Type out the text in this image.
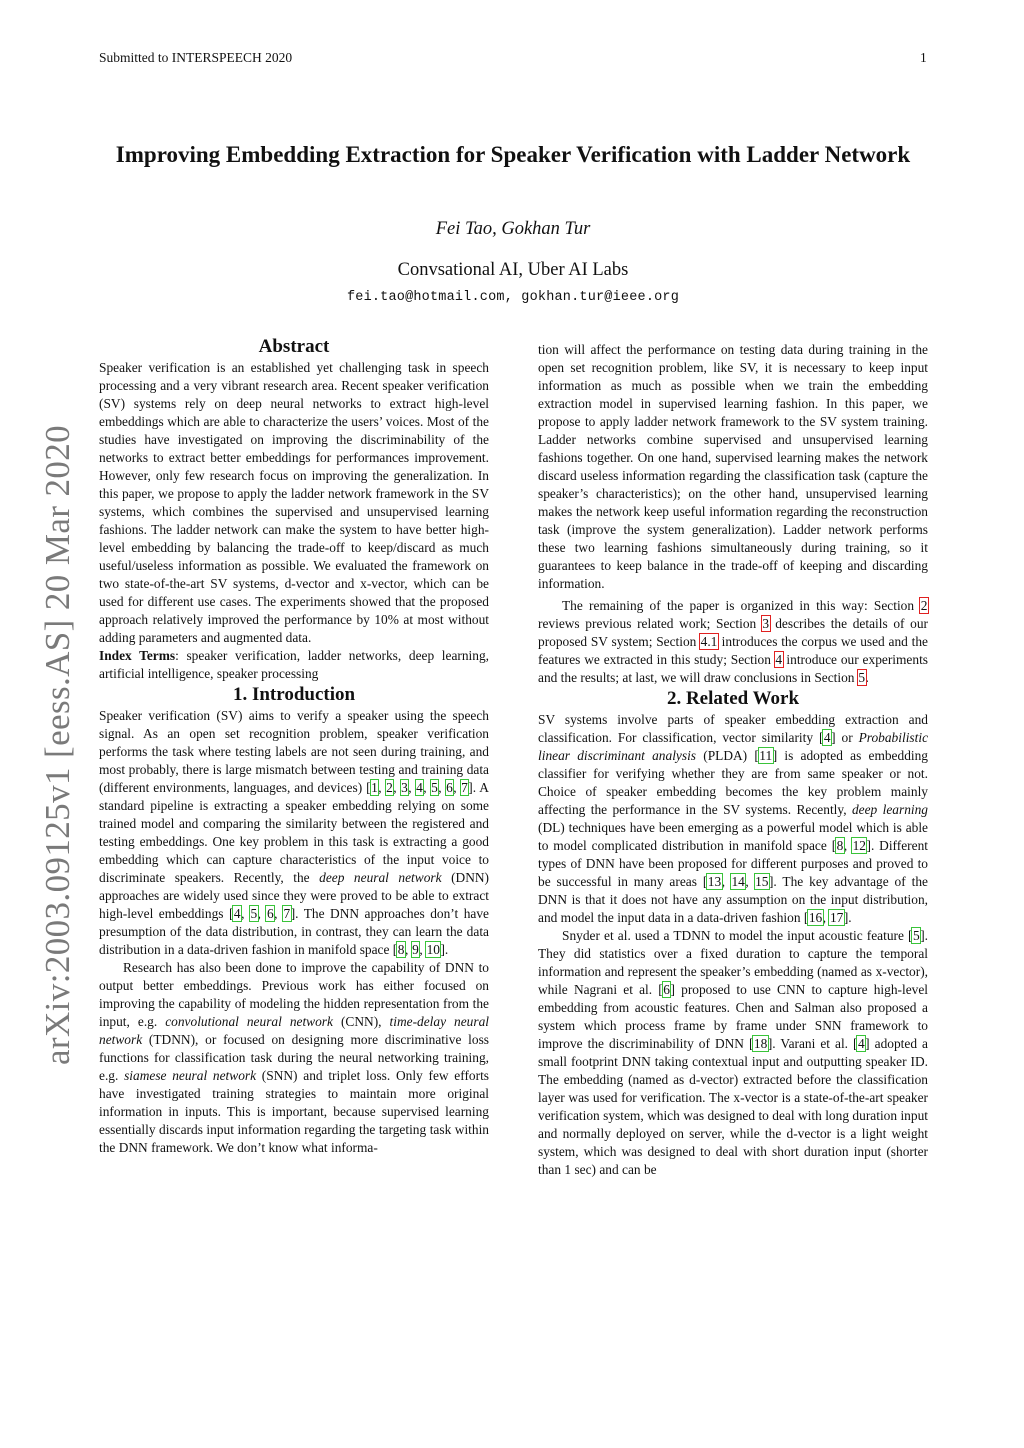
Submitted to INTERSPEECH 2020	1
Improving Embedding Extraction for Speaker Verification with Ladder Network
Fei Tao, Gokhan Tur
Convsational AI, Uber AI Labs
fei.tao@hotmail.com, gokhan.tur@ieee.org
arXiv:2003.09125v1 [eess.AS] 20 Mar 2020
Abstract

Speaker verification is an established yet challenging task in speech processing and a very vibrant research area. Recent speaker verification (SV) systems rely on deep neural networks to extract high-level embeddings which are able to characterize the users’ voices. Most of the studies have investigated on improving the discriminability of the networks to extract better embeddings for performances improvement. However, only few research focus on improving the generalization. In this paper, we propose to apply the ladder network framework in the SV systems, which combines the supervised and unsupervised learning fashions. The ladder network can make the system to have better high-level embedding by balancing the trade-off to keep/discard as much useful/useless information as possible. We evaluated the framework on two state-of-the-art SV systems, d-vector and x-vector, which can be used for different use cases. The experiments showed that the proposed approach relatively improved the performance by 10% at most without adding parameters and augmented data.

Index Terms: speaker verification, ladder networks, deep learning, artificial intelligence, speaker processing

1. Introduction

Speaker verification (SV) aims to verify a speaker using the speech signal. As an open set recognition problem, speaker verification performs the task where testing labels are not seen during training, and most probably, there is large mismatch between testing and training data (different environments, languages, and devices) [1, 2, 3, 4, 5, 6, 7]. A standard pipeline is extracting a speaker embedding relying on some trained model and comparing the similarity between the registered and testing embeddings. One key problem in this task is extracting a good embedding which can capture characteristics of the input voice to discriminate speakers. Recently, the deep neural network (DNN) approaches are widely used since they were proved to be able to extract high-level embeddings [4, 5, 6, 7]. The DNN approaches don’t have presumption of the data distribution, in contrast, they can learn the data distribution in a data-driven fashion in manifold space [8, 9, 10].

Research has also been done to improve the capability of DNN to output better embeddings. Previous work has either focused on improving the capability of modeling the hidden representation from the input, e.g. convolutional neural network (CNN), time-delay neural network (TDNN), or focused on designing more discriminative loss functions for classification task during the neural networking training, e.g. siamese neural network (SNN) and triplet loss. Only few efforts have investigated training strategies to maintain more original information in inputs. This is important, because supervised learning essentially discards input information regarding the targeting task within the DNN framework. We don’t know what informa-

tion will affect the performance on testing data during training in the open set recognition problem, like SV, it is necessary to keep input information as much as possible when we train the embedding extraction model in supervised learning fashion. In this paper, we propose to apply ladder network framework to the SV system training. Ladder networks combine supervised and unsupervised learning fashions together. On one hand, supervised learning makes the network discard useless information regarding the classification task (capture the speaker’s characteristics); on the other hand, unsupervised learning makes the network keep useful information regarding the reconstruction task (improve the system generalization). Ladder network performs these two learning fashions simultaneously during training, so it guarantees to keep balance in the trade-off of keeping and discarding information.

The remaining of the paper is organized in this way: Section 2 reviews previous related work; Section 3 describes the details of our proposed SV system; Section 4.1 introduces the corpus we used and the features we extracted in this study; Section 4 introduce our experiments and the results; at last, we will draw conclusions in Section 5.

2. Related Work

SV systems involve parts of speaker embedding extraction and classification. For classification, vector similarity [4] or Probabilistic linear discriminant analysis (PLDA) [11] is adopted as embedding classifier for verifying whether they are from same speaker or not. Choice of speaker embedding becomes the key problem mainly affecting the performance in the SV systems. Recently, deep learning (DL) techniques have been emerging as a powerful model which is able to model complicated distribution in manifold space [8, 12]. Different types of DNN have been proposed for different purposes and proved to be successful in many areas [13, 14, 15]. The key advantage of the DNN is that it does not have any assumption on the input distribution, and model the input data in a data-driven fashion [16, 17].

Snyder et al. used a TDNN to model the input acoustic feature [5]. They did statistics over a fixed duration to capture the temporal information and represent the speaker’s embedding (named as x-vector), while Nagrani et al. [6] proposed to use CNN to capture high-level embedding from acoustic features. Chen and Salman also proposed a system which process frame by frame under SNN framework to improve the discriminability of DNN [18]. Varani et al. [4] adopted a small footprint DNN taking contextual input and outputting speaker ID. The embedding (named as d-vector) extracted before the classification layer was used for verification. The x-vector is a state-of-the-art speaker verification system, which was designed to deal with long duration input and normally deployed on server, while the d-vector is a light weight system, which was designed to deal with short duration input (shorter than 1 sec) and can be
